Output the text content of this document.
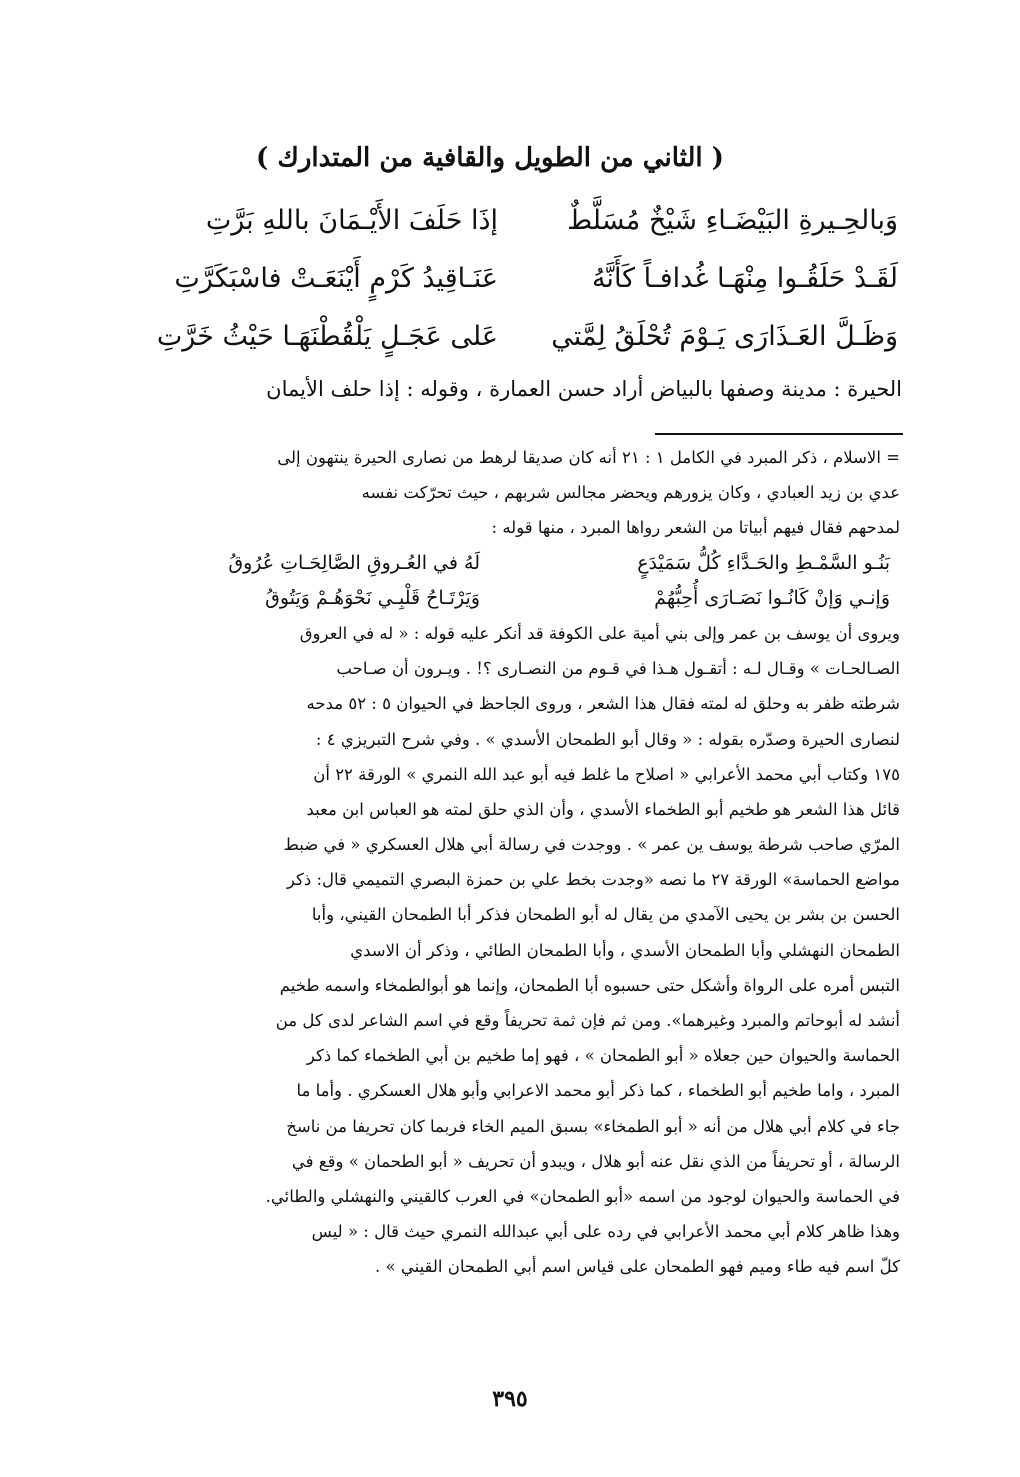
( الثاني من الطويل والقافية من المتدارك )
وَبالحِـيرةِ البَيْضَـاءِ شَيْخٌ مُسَلَّطٌ
إذَا حَلَفَ الأَيْـمَانَ باللهِ بَرَّتِ
لَقَـدْ حَلَقُـوا مِنْهَـا غُدافـاً كَأَنَّهُ
عَنَـاقِيدُ كَرْمٍ أَيْنَعَـتْ فاسْبَكَرَّتِ
وَظَـلَّ العَـذَارَى يَـوْمَ تُحْلَقُ لِمَّتي
عَلى عَجَـلٍ يَلْقُطْنَهَـا حَيْثُ خَرَّتِ
الحيرة : مدينة وصفها بالبياض أراد حسن العمارة ، وقوله : إذا حلف الأيمان
= الاسلام ، ذكر المبرد في الكامل ١ : ٢١ أنه كان صديقا لرهط من نصارى الحيرة ينتهون إلى
عدي بن زيد العبادي ، وكان يزورهم ويحضر مجالس شربهم ، حيث تحرّكت نفسه
لمدحهم فقال فيهم أبياتا من الشعر رواها المبرد ، منها قوله :
بَنُـو السَّمْـطِ والحَـدَّاءِ كُلُّ سَمَيْدَعٍ
لَهُ في العُـروقِ الصَّالِحَـاتِ عُرُوقُ
وَإنـي وَإنْ كَانُـوا نَصَـارَى أُحِبُّهُمْ
وَيَرْتَـاحُ قَلْبِـي نَحْوَهُـمْ وَيَتُوقُ
ويروى أن يوسف بن عمر وإلى بني أمية على الكوفة قد أنكر عليه قوله : « له في العروق
الصـالحـات » وقـال لـه : أتقـول هـذا في قـوم من النصـارى ؟! . ويـرون أن صـاحب
شرطته ظفر به وحلق له لمته فقال هذا الشعر ، وروى الجاحظ في الحيوان ٥ : ٥٢ مدحه
لنصارى الحيرة وصدّره بقوله : « وقال أبو الطمحان الأسدي » . وفي شرح التبريزي ٤ :
١٧٥ وكتاب أبي محمد الأعرابي « اصلاح ما غلط فيه أبو عبد الله النمري » الورقة ٢٢ أن
قائل هذا الشعر هو طخيم أبو الطخماء الأسدي ، وأن الذي حلق لمته هو العباس ابن معبد
المرّي صاحب شرطة يوسف ين عمر » . ووجدت في رسالة أبي هلال العسكري « في ضبط
مواضع الحماسة» الورقة ٢٧ ما نصه «وجدت بخط علي بن حمزة البصري التميمي قال: ذكر
الحسن بن بشر بن يحيى الآمدي من يقال له أبو الطمحان فذكر أبا الطمحان القيني، وأبا
الطمحان النهشلي وأبا الطمحان الأسدي ، وأبا الطمحان الطائي ، وذكر أن الاسدي
التبس أمره على الرواة وأشكل حتى حسبوه أبا الطمحان، وإنما هو أبوالطمخاء واسمه طخيم
أنشد له أبوحاتم والمبرد وغيرهما». ومن ثم فإن ثمة تحريفاً وقع في اسم الشاعر لدى كل من
الحماسة والحيوان حين جعلاه « أبو الطمحان » ، فهو إما طخيم بن أبي الطخماء كما ذكر
المبرد ، واما طخيم أبو الطخماء ، كما ذكر أبو محمد الاعرابي وأبو هلال العسكري . وأما ما
جاء في كلام أبي هلال من أنه « أبو الطمخاء» بسبق الميم الخاء فربما كان تحريفا من ناسخ
الرسالة ، أو تحريفاً من الذي نقل عنه أبو هلال ، ويبدو أن تحريف « أبو الطحمان » وقع في
في الحماسة والحيوان لوجود من اسمه «أبو الطمحان» في العرب كالقيني والنهشلي والطائي.
وهذا ظاهر كلام أبي محمد الأعرابي في رده على أبي عبدالله النمري حيث قال : « ليس
كلّ اسم فيه طاء وميم فهو الطمحان على قياس اسم أبي الطمحان القيني » .
٣٩٥
